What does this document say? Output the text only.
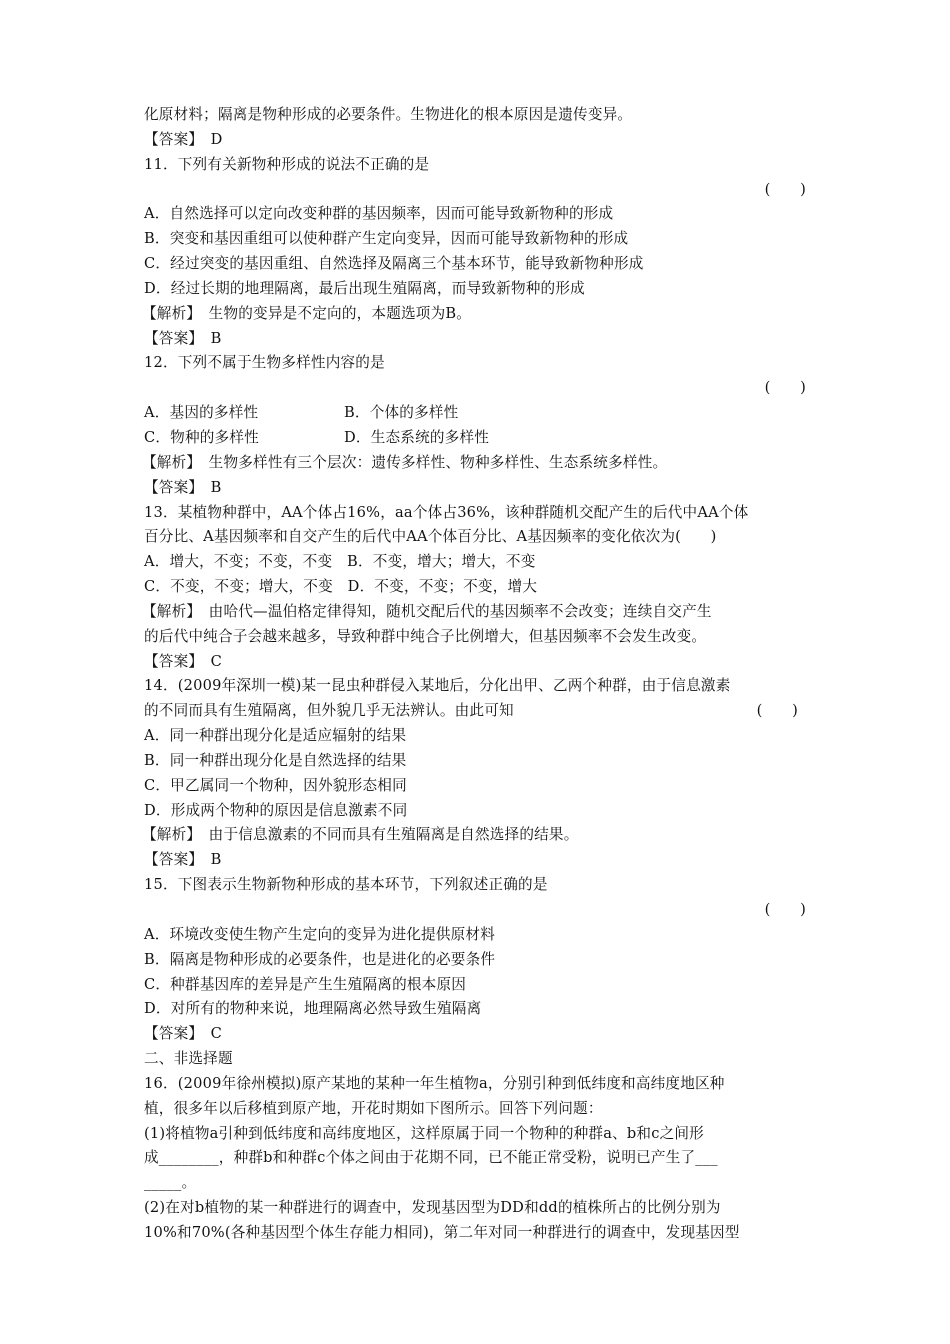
化原材料；隔离是物种形成的必要条件。生物进化的根本原因是遗传变异。
【答案】　D
11．下列有关新物种形成的说法不正确的是
(　　)
A．自然选择可以定向改变种群的基因频率，因而可能导致新物种的形成
B．突变和基因重组可以使种群产生定向变异，因而可能导致新物种的形成
C．经过突变的基因重组、自然选择及隔离三个基本环节，能导致新物种形成
D．经过长期的地理隔离，最后出现生殖隔离，而导致新物种的形成
【解析】　生物的变异是不定向的，本题选项为B。
【答案】　B
12．下列不属于生物多样性内容的是
(　　)
A．基因的多样性	B．个体的多样性
C．物种的多样性	D．生态系统的多样性
【解析】　生物多样性有三个层次：遗传多样性、物种多样性、生态系统多样性。
【答案】　B
13．某植物种群中，AA个体占16%，aa个体占36%，该种群随机交配产生的后代中AA个体
百分比、A基因频率和自交产生的后代中AA个体百分比、A基因频率的变化依次为(　　)
A．增大，不变；不变，不变　B．不变，增大；增大，不变
C．不变，不变；增大，不变　D．不变，不变；不变，增大
【解析】　由哈代—温伯格定律得知，随机交配后代的基因频率不会改变；连续自交产生
的后代中纯合子会越来越多，导致种群中纯合子比例增大，但基因频率不会发生改变。
【答案】　C
14．(2009年深圳一模)某一昆虫种群侵入某地后，分化出甲、乙两个种群，由于信息激素
的不同而具有生殖隔离，但外貌几乎无法辨认。由此可知	(　　)
A．同一种群出现分化是适应辐射的结果
B．同一种群出现分化是自然选择的结果
C．甲乙属同一个物种，因外貌形态相同
D．形成两个物种的原因是信息激素不同
【解析】　由于信息激素的不同而具有生殖隔离是自然选择的结果。
【答案】　B
15．下图表示生物新物种形成的基本环节，下列叙述正确的是
(　　)
A．环境改变使生物产生定向的变异为进化提供原材料
B．隔离是物种形成的必要条件，也是进化的必要条件
C．种群基因库的差异是产生生殖隔离的根本原因
D．对所有的物种来说，地理隔离必然导致生殖隔离
【答案】　C
二、非选择题
16．(2009年徐州模拟)原产某地的某种一年生植物a，分别引种到低纬度和高纬度地区种
植，很多年以后移植到原产地，开花时期如下图所示。回答下列问题：
(1)将植物a引种到低纬度和高纬度地区，这样原属于同一个物种的种群a、b和c之间形
成________，种群b和种群c个体之间由于花期不同，已不能正常受粉，说明已产生了___
_____。
(2)在对b植物的某一种群进行的调查中，发现基因型为DD和dd的植株所占的比例分别为
10%和70%(各种基因型个体生存能力相同)，第二年对同一种群进行的调查中，发现基因型
